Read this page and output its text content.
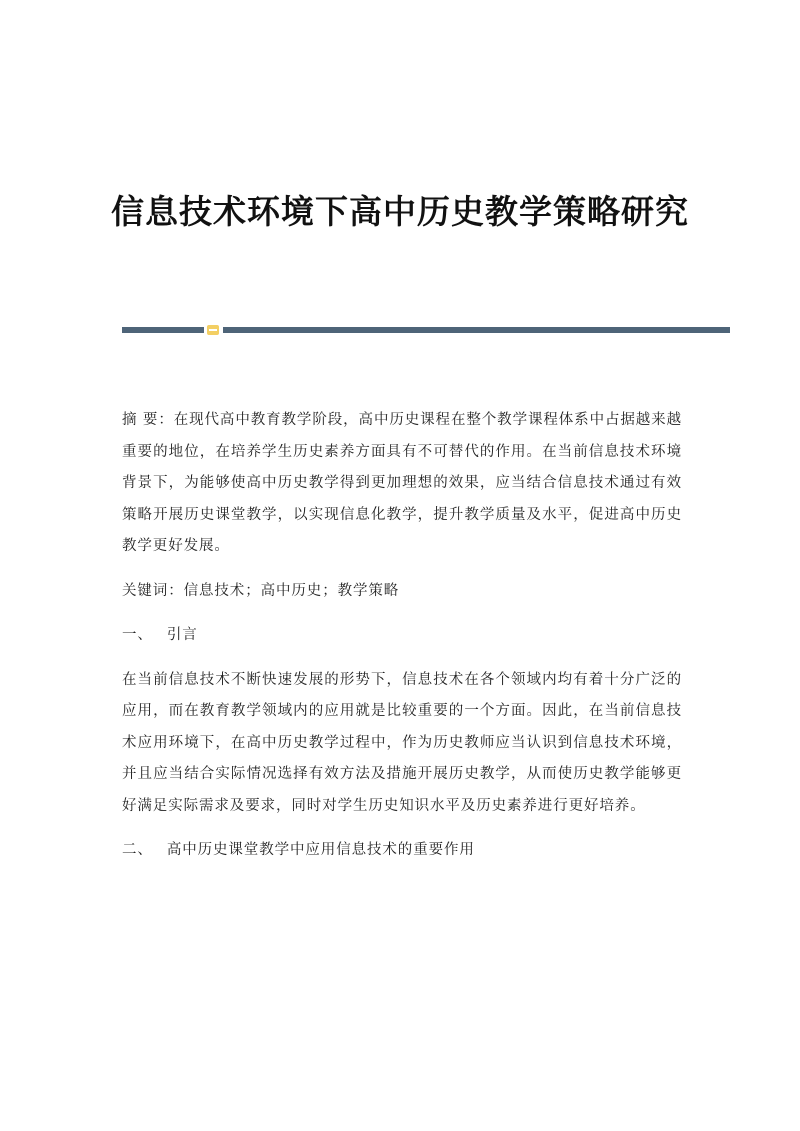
信息技术环境下高中历史教学策略研究

摘 要：在现代高中教育教学阶段，高中历史课程在整个教学课程体系中占据越来越重要的地位，在培养学生历史素养方面具有不可替代的作用。在当前信息技术环境背景下，为能够使高中历史教学得到更加理想的效果，应当结合信息技术通过有效策略开展历史课堂教学，以实现信息化教学，提升教学质量及水平，促进高中历史教学更好发展。

关键词：信息技术；高中历史；教学策略

一、 引言

在当前信息技术不断快速发展的形势下，信息技术在各个领域内均有着十分广泛的应用，而在教育教学领域内的应用就是比较重要的一个方面。因此，在当前信息技术应用环境下，在高中历史教学过程中，作为历史教师应当认识到信息技术环境，并且应当结合实际情况选择有效方法及措施开展历史教学，从而使历史教学能够更好满足实际需求及要求，同时对学生历史知识水平及历史素养进行更好培养。

二、 高中历史课堂教学中应用信息技术的重要作用
